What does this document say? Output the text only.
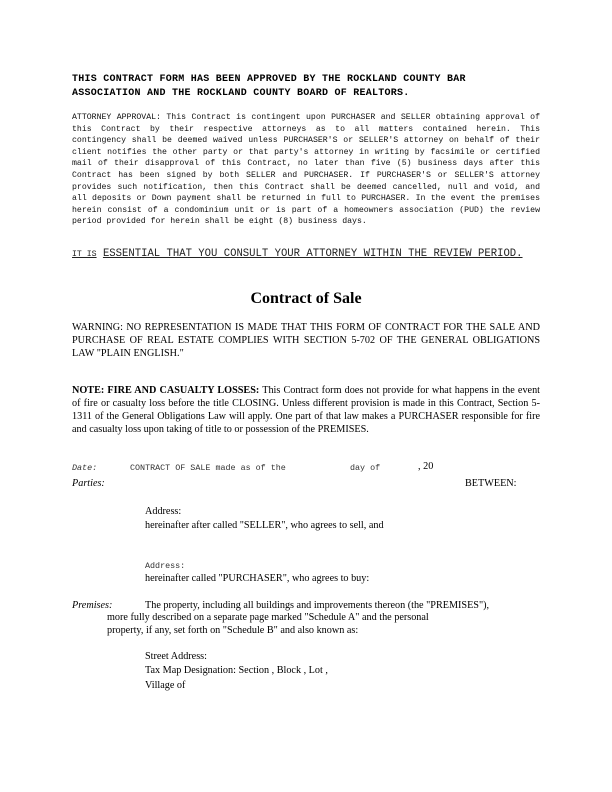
THIS CONTRACT FORM HAS BEEN APPROVED BY THE ROCKLAND COUNTY BAR ASSOCIATION AND THE ROCKLAND COUNTY BOARD OF REALTORS.
ATTORNEY APPROVAL: This Contract is contingent upon PURCHASER and SELLER obtaining approval of this Contract by their respective attorneys as to all matters contained herein. This contingency shall be deemed waived unless PURCHASER'S or SELLER'S attorney on behalf of their client notifies the other party or that party's attorney in writing by facsimile or certified mail of their disapproval of this Contract, no later than five (5) business days after this Contract has been signed by both SELLER and PURCHASER. If PURCHASER'S or SELLER'S attorney provides such notification, then this Contract shall be deemed cancelled, null and void, and all deposits or Down payment shall be returned in full to PURCHASER. In the event the premises herein consist of a condominium unit or is part of a homeowners association (PUD) the review period provided for herein shall be eight (8) business days.
IT IS ESSENTIAL THAT YOU CONSULT YOUR ATTORNEY WITHIN THE REVIEW PERIOD.
Contract of Sale
WARNING: NO REPRESENTATION IS MADE THAT THIS FORM OF CONTRACT FOR THE SALE AND PURCHASE OF REAL ESTATE COMPLIES WITH SECTION 5-702 OF THE GENERAL OBLIGATIONS LAW "PLAIN ENGLISH."
NOTE: FIRE AND CASUALTY LOSSES: This Contract form does not provide for what happens in the event of fire or casualty loss before the title CLOSING. Unless different provision is made in this Contract, Section 5-1311 of the General Obligations Law will apply. One part of that law makes a PURCHASER responsible for fire and casualty loss upon taking of title to or possession of the PREMISES.
Date:	CONTRACT OF SALE made as of the	day of	, 20
Parties:	BETWEEN:
Address:
hereinafter after called "SELLER", who agrees to sell, and
Address:
hereinafter called "PURCHASER", who agrees to buy:
Premises:	The property, including all buildings and improvements thereon (the "PREMISES"),
more fully described on a separate page marked "Schedule A" and the personal
property, if any, set forth on "Schedule B" and also known as:
Street Address:
Tax Map Designation: Section , Block , Lot ,
Village of
